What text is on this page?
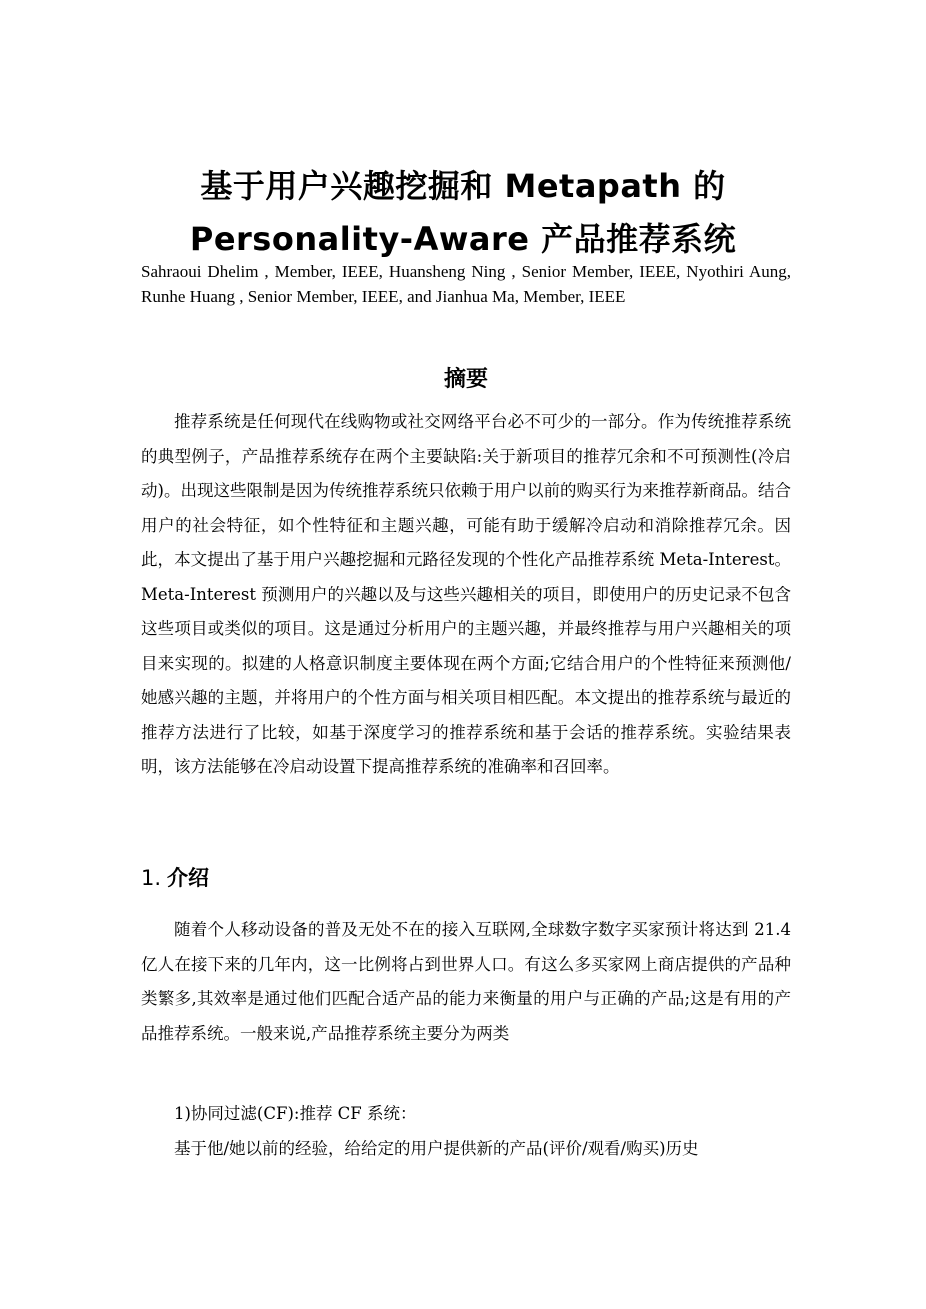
基于用户兴趣挖掘和 Metapath 的
Personality-Aware 产品推荐系统

Sahraoui Dhelim , Member, IEEE, Huansheng Ning , Senior Member, IEEE, Nyothiri Aung, Runhe Huang , Senior Member, IEEE, and Jianhua Ma, Member, IEEE

摘要

推荐系统是任何现代在线购物或社交网络平台必不可少的一部分。作为传统推荐系统的典型例子，产品推荐系统存在两个主要缺陷:关于新项目的推荐冗余和不可预测性(冷启动)。出现这些限制是因为传统推荐系统只依赖于用户以前的购买行为来推荐新商品。结合用户的社会特征，如个性特征和主题兴趣，可能有助于缓解冷启动和消除推荐冗余。因此，本文提出了基于用户兴趣挖掘和元路径发现的个性化产品推荐系统 Meta-Interest。Meta-Interest 预测用户的兴趣以及与这些兴趣相关的项目，即使用户的历史记录不包含这些项目或类似的项目。这是通过分析用户的主题兴趣，并最终推荐与用户兴趣相关的项目来实现的。拟建的人格意识制度主要体现在两个方面;它结合用户的个性特征来预测他/她感兴趣的主题，并将用户的个性方面与相关项目相匹配。本文提出的推荐系统与最近的推荐方法进行了比较，如基于深度学习的推荐系统和基于会话的推荐系统。实验结果表明，该方法能够在冷启动设置下提高推荐系统的准确率和召回率。

1. 介绍

随着个人移动设备的普及无处不在的接入互联网,全球数字数字买家预计将达到 21.4 亿人在接下来的几年内，这一比例将占到世界人口。有这么多买家网上商店提供的产品种类繁多,其效率是通过他们匹配合适产品的能力来衡量的用户与正确的产品;这是有用的产品推荐系统。一般来说,产品推荐系统主要分为两类

1)协同过滤(CF):推荐 CF 系统：

基于他/她以前的经验，给给定的用户提供新的产品(评价/观看/购买)历史
